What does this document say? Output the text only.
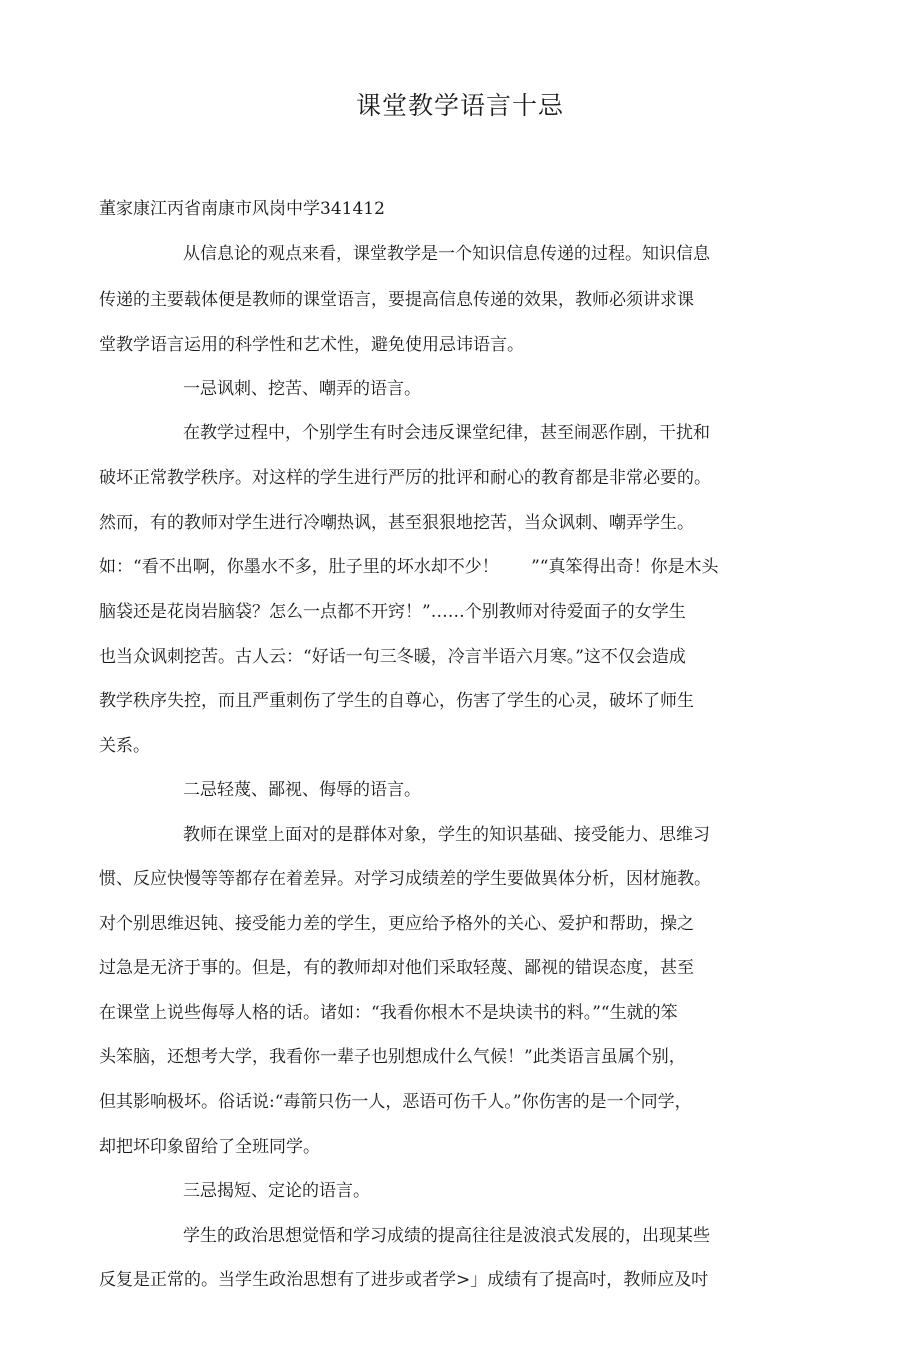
课堂教学语言十忌
董家康江丙省南康市风岗中学341412
从信息论的观点来看，课堂教学是一个知识信息传递的过程。知识信息
传递的主要载体便是教师的课堂语言，要提高信息传递的效果，教师必须讲求课
堂教学语言运用的科学性和艺术性，避免使用忌讳语言。
一忌讽刺、挖苦、嘲弄的语言。
在教学过程中，个别学生有时会违反课堂纪律，甚至闹恶作剧，干扰和
破坏正常教学秩序。对这样的学生进行严厉的批评和耐心的教育都是非常必要的。
然而，有的教师对学生进行冷嘲热讽，甚至狠狠地挖苦，当众讽刺、嘲弄学生。
如：“看不出啊，你墨水不多，肚子里的坏水却不少！      ”“真笨得出奇！你是木头
脑袋还是花岗岩脑袋？怎么一点都不开窍！”……个别教师对待爱面子的女学生
也当众讽刺挖苦。古人云：“好话一句三冬暖，冷言半语六月寒。”这不仅会造成
教学秩序失控，而且严重刺伤了学生的自尊心，伤害了学生的心灵，破坏了师生
关系。
二忌轻蔑、鄙视、侮辱的语言。
教师在课堂上面对的是群体对象，学生的知识基础、接受能力、思维习
惯、反应快慢等等都存在着差异。对学习成绩差的学生要做異体分析，因材施教。
对个别思维迟钝、接受能力差的学生，更应给予格外的关心、爱护和帮助，操之
过急是无济于事的。但是，有的教师却对他们采取轻蔑、鄙视的错误态度，甚至
在课堂上说些侮辱人格的话。诸如：“我看你根木不是块读书的料。”“生就的笨
头笨脑，还想考大学，我看你一辈子也别想成什么气候！”此类语言虽属个别，
但其影响极坏。俗话说:“毒箭只伤一人，恶语可伤千人。”你伤害的是一个同学，
却把坏印象留给了全班同学。
三忌揭短、定论的语言。
学生的政治思想觉悟和学习成绩的提高往往是波浪式发展的，出现某些
反复是正常的。当学生政治思想有了进步或者学>」成绩有了提高吋，教师应及吋
